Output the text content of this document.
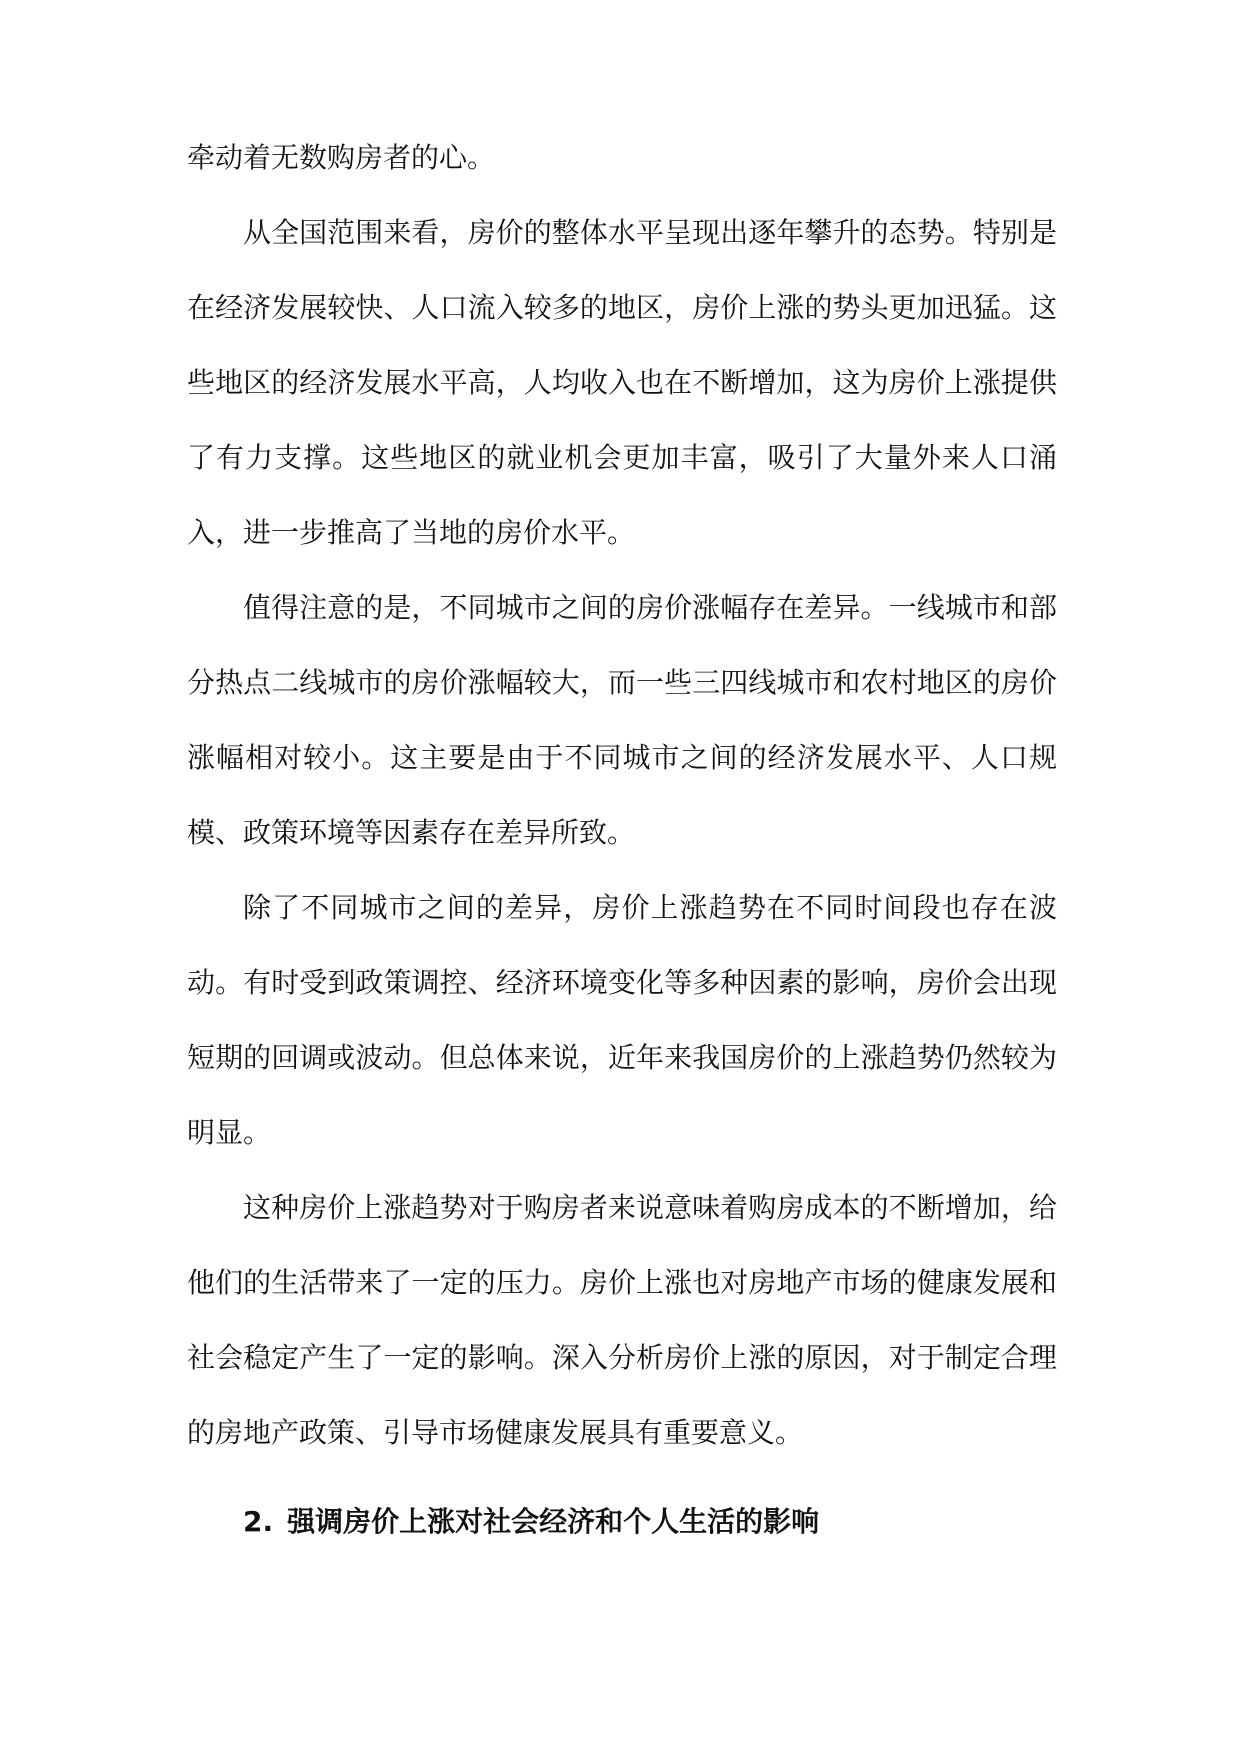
牵动着无数购房者的心。

从全国范围来看，房价的整体水平呈现出逐年攀升的态势。特别是在经济发展较快、人口流入较多的地区，房价上涨的势头更加迅猛。这些地区的经济发展水平高，人均收入也在不断增加，这为房价上涨提供了有力支撑。这些地区的就业机会更加丰富，吸引了大量外来人口涌入，进一步推高了当地的房价水平。

值得注意的是，不同城市之间的房价涨幅存在差异。一线城市和部分热点二线城市的房价涨幅较大，而一些三四线城市和农村地区的房价涨幅相对较小。这主要是由于不同城市之间的经济发展水平、人口规模、政策环境等因素存在差异所致。

除了不同城市之间的差异，房价上涨趋势在不同时间段也存在波动。有时受到政策调控、经济环境变化等多种因素的影响，房价会出现短期的回调或波动。但总体来说，近年来我国房价的上涨趋势仍然较为明显。

这种房价上涨趋势对于购房者来说意味着购房成本的不断增加，给他们的生活带来了一定的压力。房价上涨也对房地产市场的健康发展和社会稳定产生了一定的影响。深入分析房价上涨的原因，对于制定合理的房地产政策、引导市场健康发展具有重要意义。

2. 强调房价上涨对社会经济和个人生活的影响
